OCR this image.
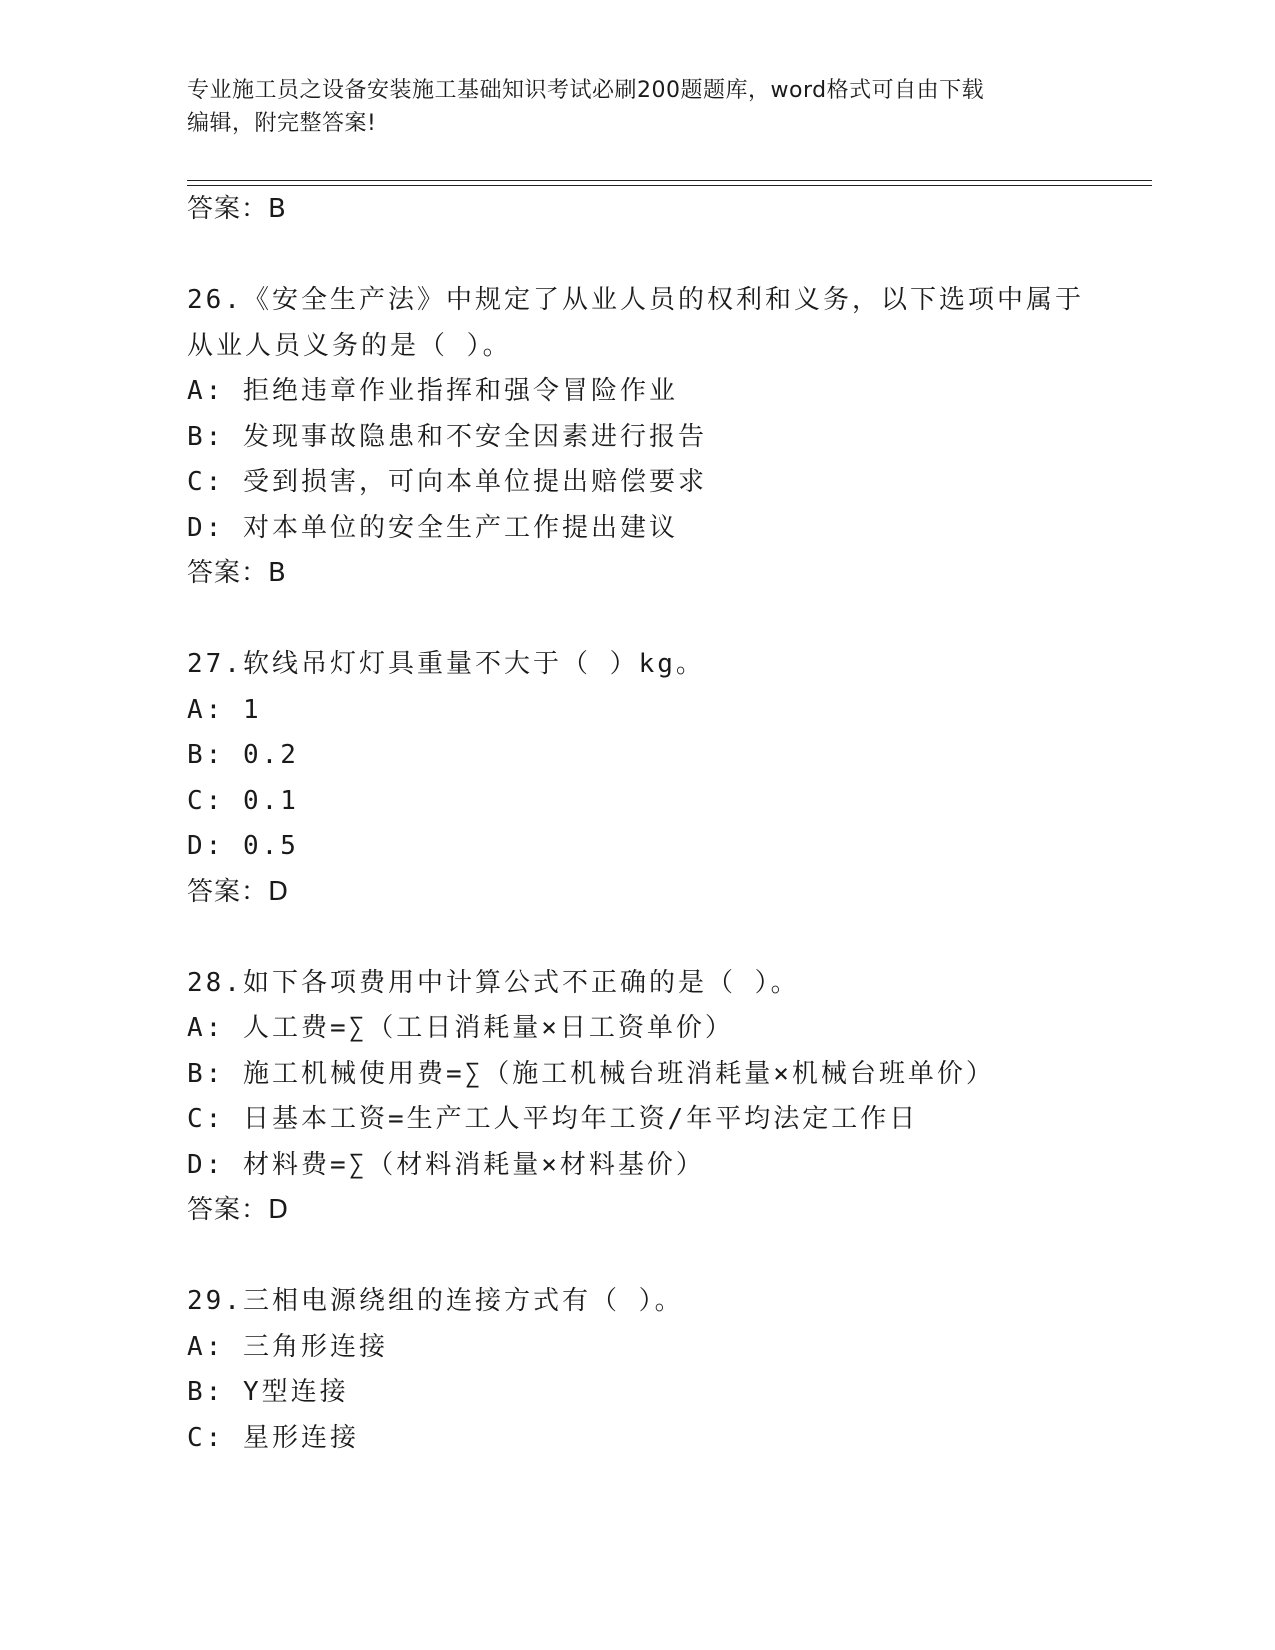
专业施工员之设备安装施工基础知识考试必刷200题题库，word格式可自由下载
编辑，附完整答案!
答案：B
26.《安全生产法》中规定了从业人员的权利和义务，以下选项中属于
从业人员义务的是（ ）。
A: 拒绝违章作业指挥和强令冒险作业
B: 发现事故隐患和不安全因素进行报告
C: 受到损害，可向本单位提出赔偿要求
D: 对本单位的安全生产工作提出建议
答案：B
27.软线吊灯灯具重量不大于（ ）kg。
A: 1
B: 0.2
C: 0.1
D: 0.5
答案：D
28.如下各项费用中计算公式不正确的是（ ）。
A: 人工费=∑（工日消耗量×日工资单价）
B: 施工机械使用费=∑（施工机械台班消耗量×机械台班单价）
C: 日基本工资=生产工人平均年工资/年平均法定工作日
D: 材料费=∑（材料消耗量×材料基价）
答案：D
29.三相电源绕组的连接方式有（ ）。
A: 三角形连接
B: Y型连接
C: 星形连接
